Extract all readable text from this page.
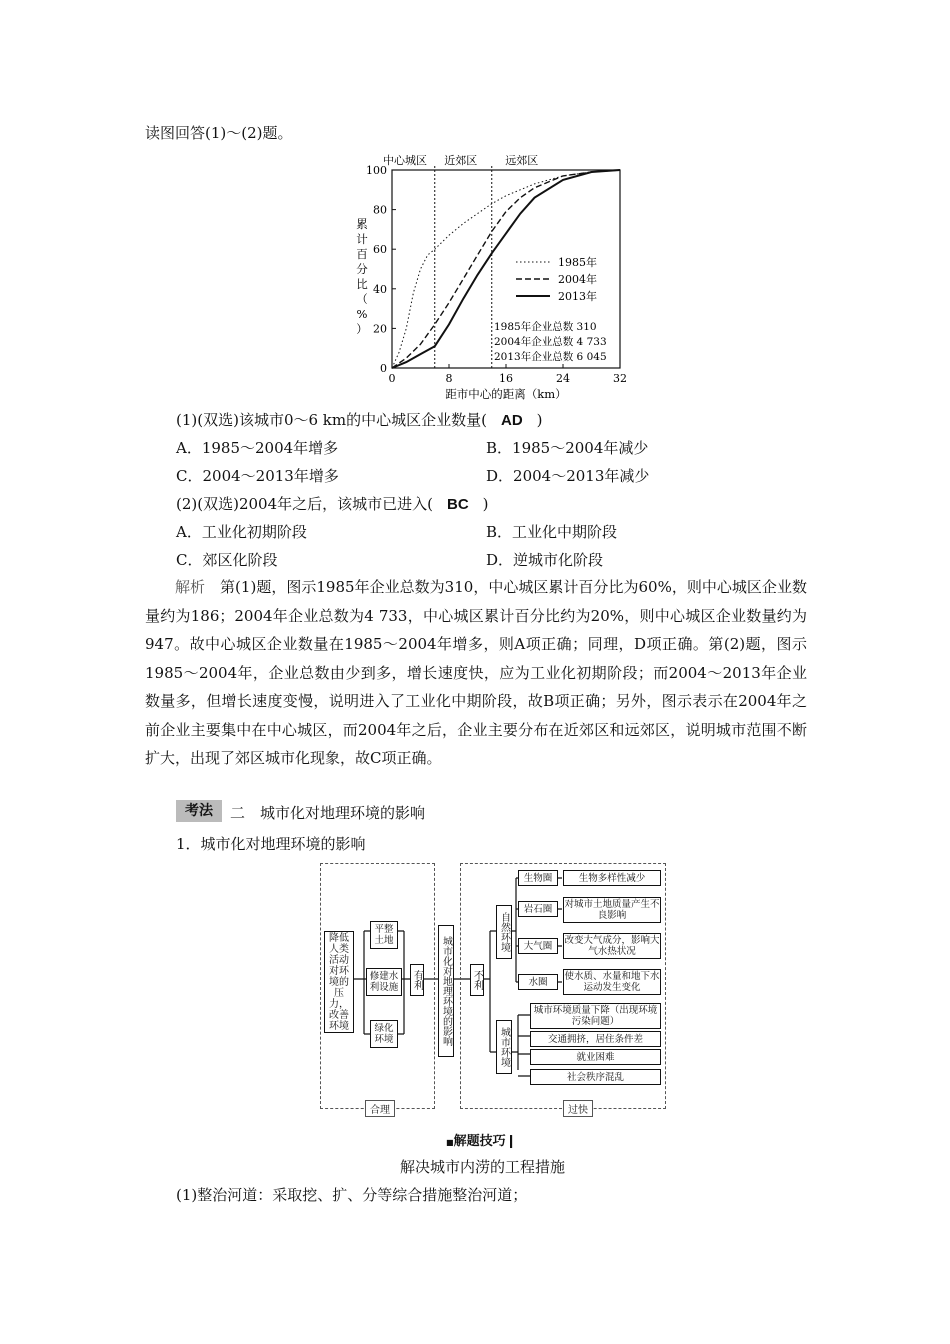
读图回答(1)～(2)题。
0
20
40
60
80
100
0	8	16	24	32
中心城区 近郊区	远郊区
1985年
2004年
2013年
1985年企业总数 310
2004年企业总数 4 733
2013年企业总数 6 045
距市中心的距离（km）
累
计
百
分
比
（
%
）
(1)(双选)该城市0～6 km的中心城区企业数量( AD )
A．1985～2004年增多	B．1985～2004年减少
C．2004～2013年增多	D．2004～2013年减少
(2)(双选)2004年之后，该城市已进入( BC )
A．工业化初期阶段	B．工业化中期阶段
C．郊区化阶段	D．逆城市化阶段
解析　 第(1)题，图示1985年企业总数为310，中心城区累计百分比为60%，则中心城区企业数量约为186；2004年企业总数为4 733，中心城区累计百分比约为20%，则中心城区企业数量约为947。故中心城区企业数量在1985～2004年增多，则A项正确；同理，D项正确。第(2)题，图示1985～2004年，企业总数由少到多，增长速度快，应为工业化初期阶段；而2004～2013年企业数量多，但增长速度变慢，说明进入了工业化中期阶段，故B项正确；另外，图示表示在2004年之前企业主要集中在中心城区，而2004年之后，企业主要分布在近郊区和远郊区，说明城市范围不断扩大，出现了郊区城市化现象，故C项正确。
考法	二　城市化对地理环境的影响
1．城市化对地理环境的影响
合理	过快
降低人类活动对环境的压力，改善环境
平整土地
修建水利设施
绿化环境
有利 城市化对地理环境的影响 不利
自然环境
城市环境
生物圈
岩石圈
大气圈
水圈
生物多样性减少
对城市土地质量产生不良影响
改变大气成分，影响大气水热状况
使水质、水量和地下水运动发生变化
城市环境质量下降（出现环境污染问题）
交通拥挤，居住条件差
就业困难
社会秩序混乱
■解题技巧❙
解决城市内涝的工程措施
(1)整治河道：采取挖、扩、分等综合措施整治河道；
